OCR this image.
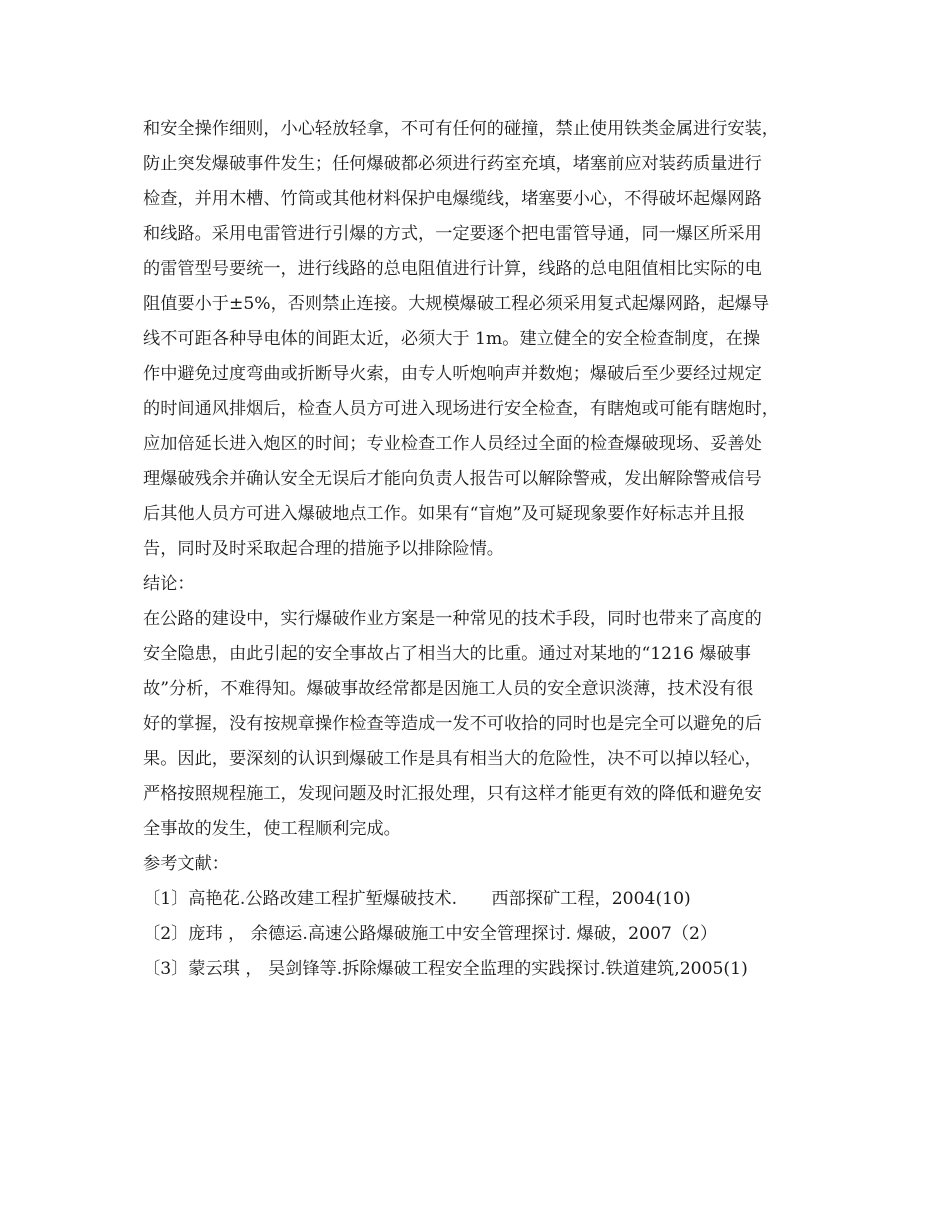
和安全操作细则，小心轻放轻拿，不可有任何的碰撞，禁止使用铁类金属进行安装，

防止突发爆破事件发生；任何爆破都必须进行药室充填，堵塞前应对装药质量进行

检查，并用木槽、竹筒或其他材料保护电爆缆线，堵塞要小心，不得破坏起爆网路

和线路。采用电雷管进行引爆的方式，一定要逐个把电雷管导通，同一爆区所采用

的雷管型号要统一，进行线路的总电阻值进行计算，线路的总电阻值相比实际的电

阻值要小于±5%，否则禁止连接。大规模爆破工程必须采用复式起爆网路，起爆导

线不可距各种导电体的间距太近，必须大于 1m。建立健全的安全检查制度，在操

作中避免过度弯曲或折断导火索，由专人听炮响声并数炮；爆破后至少要经过规定

的时间通风排烟后，检查人员方可进入现场进行安全检查，有瞎炮或可能有瞎炮时，

应加倍延长进入炮区的时间；专业检查工作人员经过全面的检查爆破现场、妥善处

理爆破残余并确认安全无误后才能向负责人报告可以解除警戒，发出解除警戒信号

后其他人员方可进入爆破地点工作。如果有“盲炮”及可疑现象要作好标志并且报

告，同时及时采取起合理的措施予以排除险情。

结论：

在公路的建设中，实行爆破作业方案是一种常见的技术手段，同时也带来了高度的

安全隐患，由此引起的安全事故占了相当大的比重。通过对某地的“1216 爆破事

故”分析，不难得知。爆破事故经常都是因施工人员的安全意识淡薄，技术没有很

好的掌握，没有按规章操作检查等造成一发不可收拾的同时也是完全可以避免的后

果。因此，要深刻的认识到爆破工作是具有相当大的危险性，决不可以掉以轻心，

严格按照规程施工，发现问题及时汇报处理，只有这样才能更有效的降低和避免安

全事故的发生，使工程顺利完成。

参考文献：

〔1〕高艳花.公路改建工程扩堑爆破技术.　　西部探矿工程，2004(10)

〔2〕庞玮 ， 余德运.高速公路爆破施工中安全管理探讨. 爆破，2007（2）

〔3〕蒙云琪 ， 吴剑锋等.拆除爆破工程安全监理的实践探讨.铁道建筑,2005(1)
